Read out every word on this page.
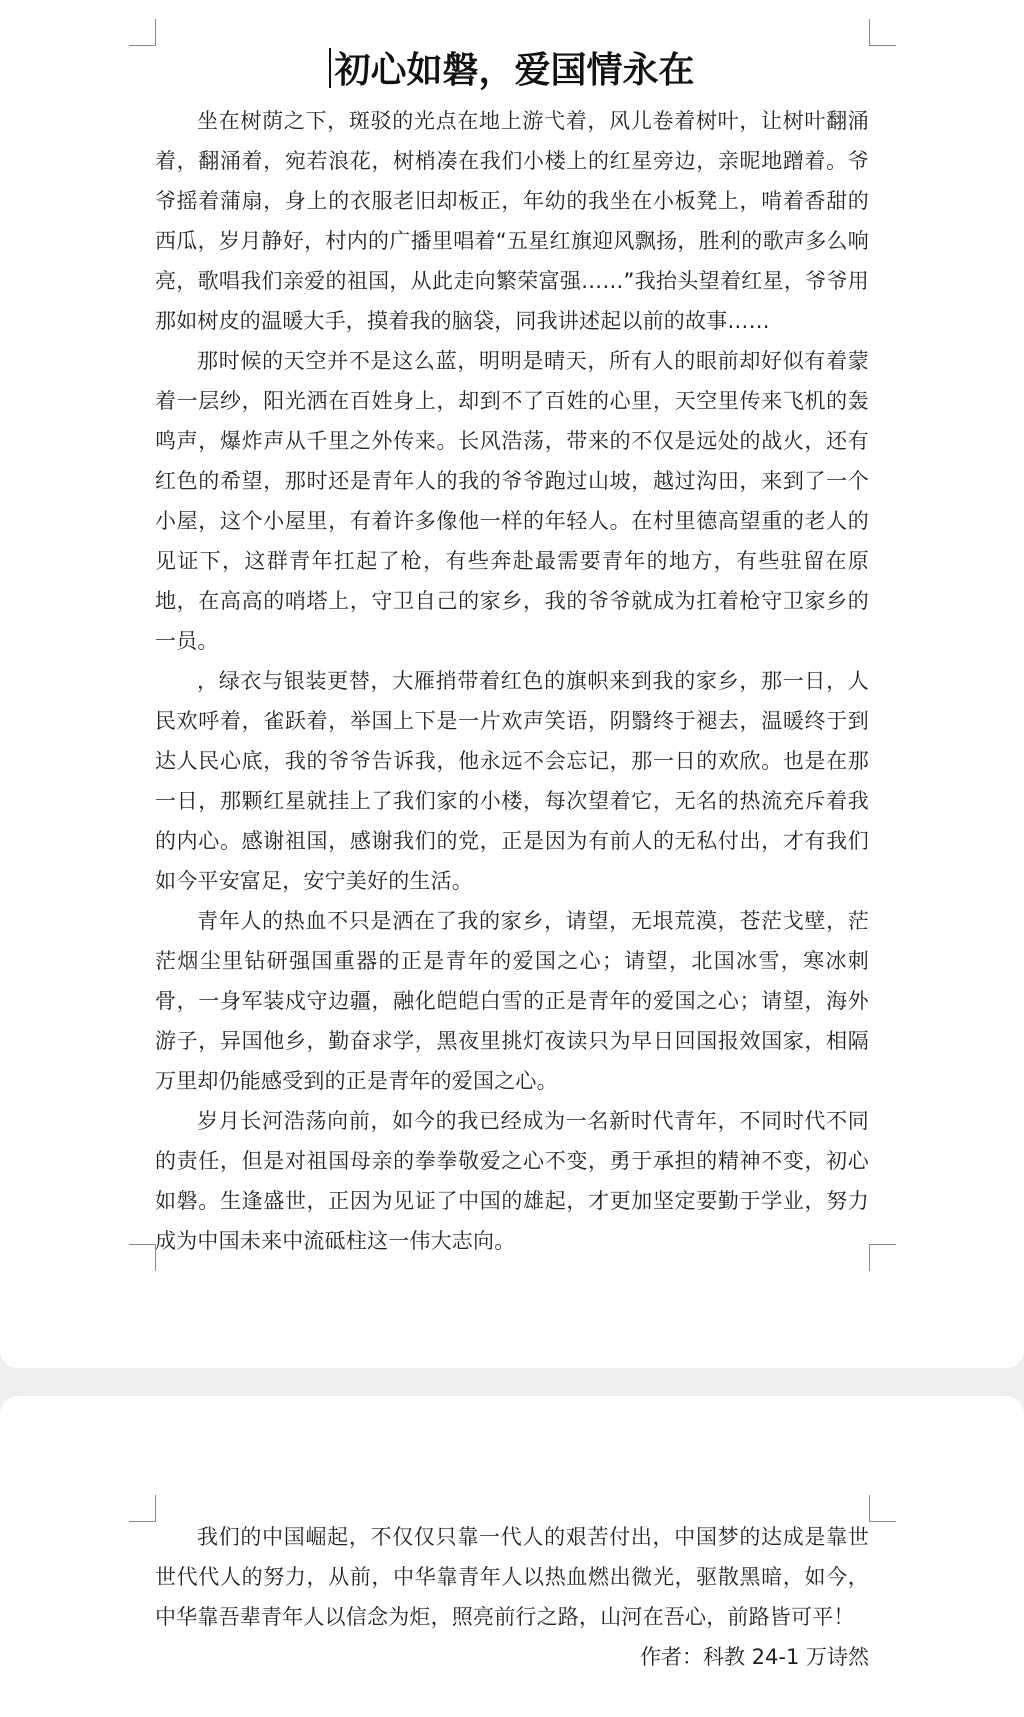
初心如磐，爱国情永在

坐在树荫之下，斑驳的光点在地上游弋着，风儿卷着树叶，让树叶翻涌着，翻涌着，宛若浪花，树梢凑在我们小楼上的红星旁边，亲昵地蹭着。爷爷摇着蒲扇，身上的衣服老旧却板正，年幼的我坐在小板凳上，啃着香甜的西瓜，岁月静好，村内的广播里唱着“五星红旗迎风飘扬，胜利的歌声多么响亮，歌唱我们亲爱的祖国，从此走向繁荣富强……”我抬头望着红星，爷爷用那如树皮的温暖大手，摸着我的脑袋，同我讲述起以前的故事……

那时候的天空并不是这么蓝，明明是晴天，所有人的眼前却好似有着蒙着一层纱，阳光洒在百姓身上，却到不了百姓的心里，天空里传来飞机的轰鸣声，爆炸声从千里之外传来。长风浩荡，带来的不仅是远处的战火，还有红色的希望，那时还是青年人的我的爷爷跑过山坡，越过沟田，来到了一个小屋，这个小屋里，有着许多像他一样的年轻人。在村里德高望重的老人的见证下，这群青年扛起了枪，有些奔赴最需要青年的地方，有些驻留在原地，在高高的哨塔上，守卫自己的家乡，我的爷爷就成为扛着枪守卫家乡的一员。

，绿衣与银装更替，大雁捎带着红色的旗帜来到我的家乡，那一日，人民欢呼着，雀跃着，举国上下是一片欢声笑语，阴翳终于褪去，温暖终于到达人民心底，我的爷爷告诉我，他永远不会忘记，那一日的欢欣。也是在那一日，那颗红星就挂上了我们家的小楼，每次望着它，无名的热流充斥着我的内心。感谢祖国，感谢我们的党，正是因为有前人的无私付出，才有我们如今平安富足，安宁美好的生活。

青年人的热血不只是洒在了我的家乡，请望，无垠荒漠，苍茫戈壁，茫茫烟尘里钻研强国重器的正是青年的爱国之心；请望，北国冰雪，寒冰刺骨，一身军装戍守边疆，融化皑皑白雪的正是青年的爱国之心；请望，海外游子，异国他乡，勤奋求学，黑夜里挑灯夜读只为早日回国报效国家，相隔万里却仍能感受到的正是青年的爱国之心。

岁月长河浩荡向前，如今的我已经成为一名新时代青年，不同时代不同的责任，但是对祖国母亲的拳拳敬爱之心不变，勇于承担的精神不变，初心如磐。生逢盛世，正因为见证了中国的雄起，才更加坚定要勤于学业，努力成为中国未来中流砥柱这一伟大志向。

我们的中国崛起，不仅仅只靠一代人的艰苦付出，中国梦的达成是靠世世代代人的努力，从前，中华靠青年人以热血燃出微光，驱散黑暗，如今，中华靠吾辈青年人以信念为炬，照亮前行之路，山河在吾心，前路皆可平！

作者：科教 24-1 万诗然
